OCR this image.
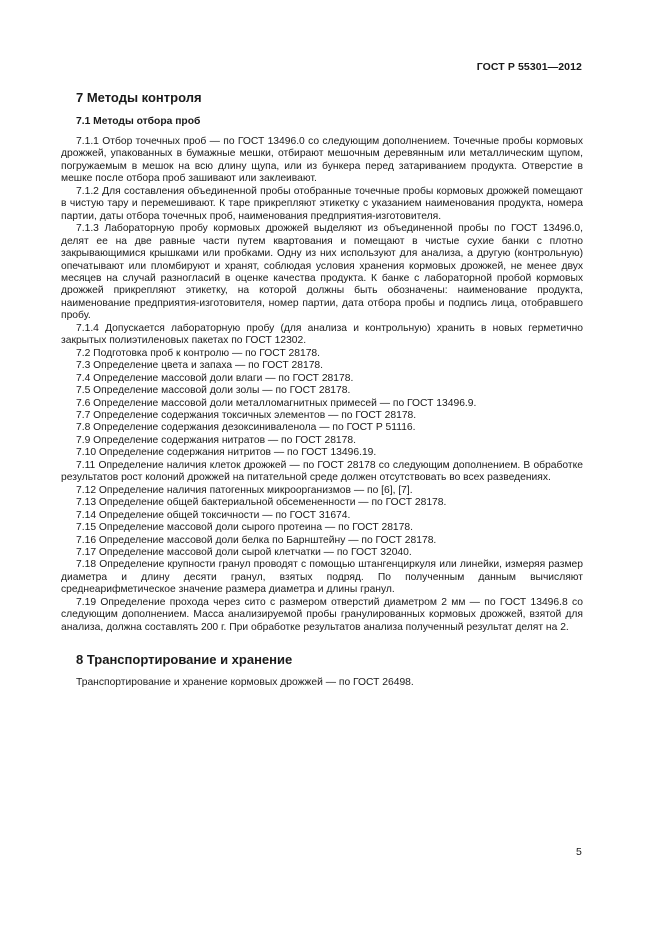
ГОСТ Р 55301—2012
7 Методы контроля
7.1 Методы отбора проб

7.1.1 Отбор точечных проб — по ГОСТ 13496.0 со следующим дополнением. Точечные пробы кормовых дрожжей, упакованных в бумажные мешки, отбирают мешочным деревянным или металлическим щупом, погружаемым в мешок на всю длину щупа, или из бункера перед затариванием продукта. Отверстие в мешке после отбора проб зашивают или заклеивают.

7.1.2 Для составления объединенной пробы отобранные точечные пробы кормовых дрожжей помещают в чистую тару и перемешивают. К таре прикрепляют этикетку с указанием наименования продукта, номера партии, даты отбора точечных проб, наименования предприятия-изготовителя.

7.1.3 Лабораторную пробу кормовых дрожжей выделяют из объединенной пробы по ГОСТ 13496.0, делят ее на две равные части путем квартования и помещают в чистые сухие банки с плотно закрывающимися крышками или пробками. Одну из них используют для анализа, а другую (контрольную) опечатывают или пломбируют и хранят, соблюдая условия хранения кормовых дрожжей, не менее двух месяцев на случай разногласий в оценке качества продукта. К банке с лабораторной пробой кормовых дрожжей прикрепляют этикетку, на которой должны быть обозначены: наименование продукта, наименование предприятия-изготовителя, номер партии, дата отбора пробы и подпись лица, отобравшего пробу.

7.1.4 Допускается лабораторную пробу (для анализа и контрольную) хранить в новых герметично закрытых полиэтиленовых пакетах по ГОСТ 12302.

7.2 Подготовка проб к контролю — по ГОСТ 28178.

7.3 Определение цвета и запаха — по ГОСТ 28178.

7.4 Определение массовой доли влаги — по ГОСТ 28178.

7.5 Определение массовой доли золы — по ГОСТ 28178.

7.6 Определение массовой доли металломагнитных примесей — по ГОСТ 13496.9.

7.7 Определение содержания токсичных элементов — по ГОСТ 28178.

7.8 Определение содержания дезоксиниваленола — по ГОСТ Р 51116.

7.9 Определение содержания нитратов — по ГОСТ 28178.

7.10 Определение содержания нитритов — по ГОСТ 13496.19.

7.11 Определение наличия клеток дрожжей — по ГОСТ 28178 со следующим дополнением. В обработке результатов рост колоний дрожжей на питательной среде должен отсутствовать во всех разведениях.

7.12 Определение наличия патогенных микроорганизмов — по [6], [7].

7.13 Определение общей бактериальной обсемененности — по ГОСТ 28178.

7.14 Определение общей токсичности — по ГОСТ 31674.

7.15 Определение массовой доли сырого протеина — по ГОСТ 28178.

7.16 Определение массовой доли белка по Барнштейну — по ГОСТ 28178.

7.17 Определение массовой доли сырой клетчатки — по ГОСТ 32040.

7.18 Определение крупности гранул проводят с помощью штангенциркуля или линейки, измеряя размер диаметра и длину десяти гранул, взятых подряд. По полученным данным вычисляют среднеарифметическое значение размера диаметра и длины гранул.

7.19 Определение прохода через сито с размером отверстий диаметром 2 мм — по ГОСТ 13496.8 со следующим дополнением. Масса анализируемой пробы гранулированных кормовых дрожжей, взятой для анализа, должна составлять 200 г. При обработке результатов анализа полученный результат делят на 2.

8 Транспортирование и хранение

Транспортирование и хранение кормовых дрожжей — по ГОСТ 26498.

5
